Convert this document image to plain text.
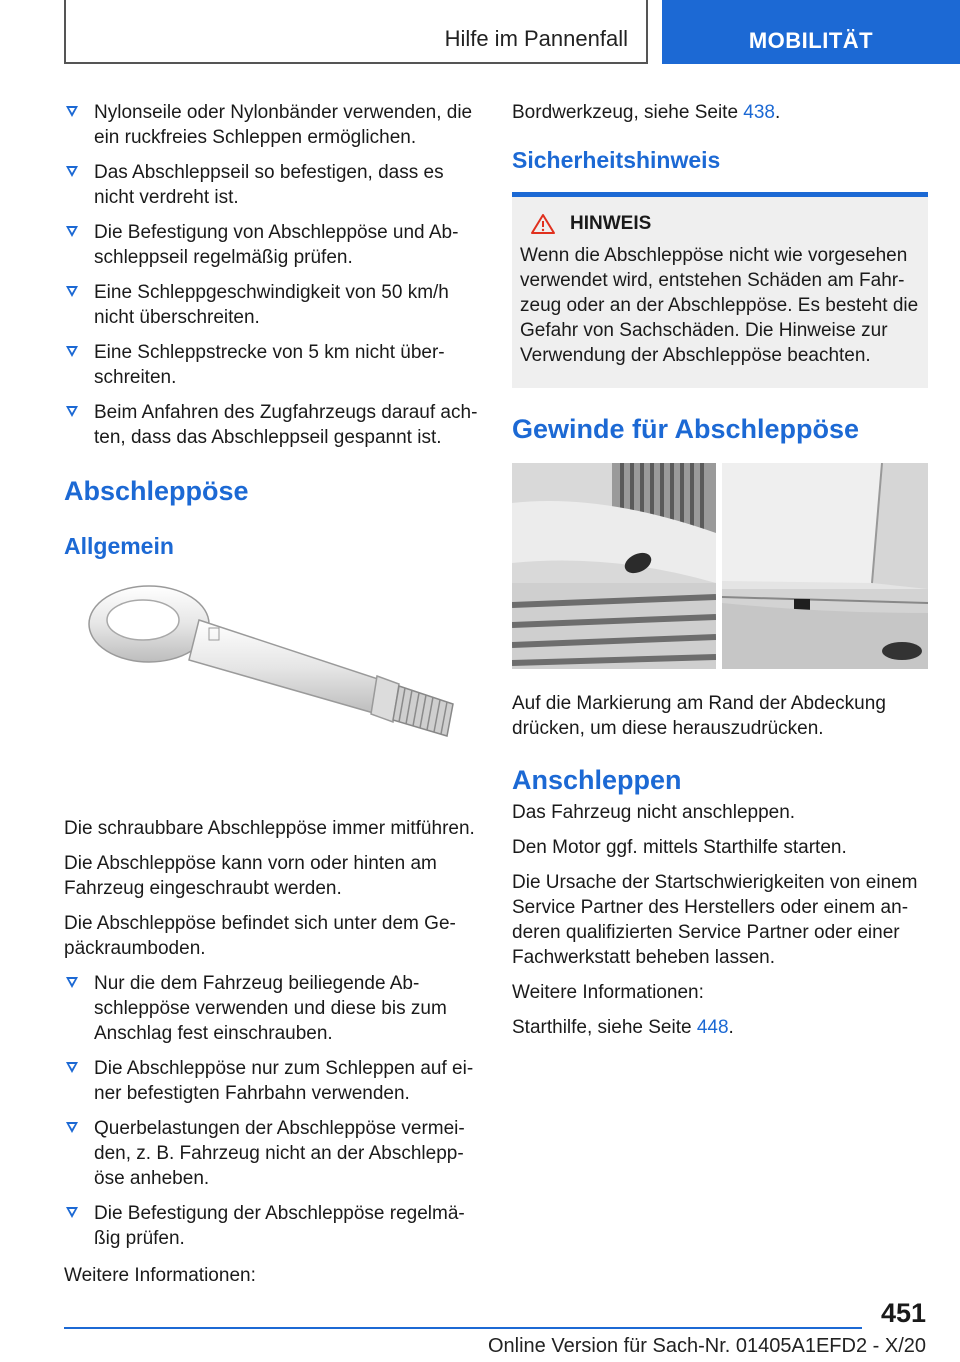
Hilfe im Pannenfall	MOBILITÄT
Nylonseile oder Nylonbänder verwenden, die ein ruckfreies Schleppen ermöglichen.
Das Abschleppseil so befestigen, dass es nicht verdreht ist.
Die Befestigung von Abschleppöse und Abschleppseil regelmäßig prüfen.
Eine Schleppgeschwindigkeit von 50 km/h nicht überschreiten.
Eine Schleppstrecke von 5 km nicht überschreiten.
Beim Anfahren des Zugfahrzeugs darauf achten, dass das Abschleppseil gespannt ist.
Abschleppöse
Allgemein

Die schraubbare Abschleppöse immer mitführen.

Die Abschleppöse kann vorn oder hinten am Fahrzeug eingeschraubt werden.

Die Abschleppöse befindet sich unter dem Gepäckraumboden.

Nur die dem Fahrzeug beiliegende Abschleppöse verwenden und diese bis zum Anschlag fest einschrauben.
Die Abschleppöse nur zum Schleppen auf einer befestigten Fahrbahn verwenden.
Querbelastungen der Abschleppöse vermeiden, z. B. Fahrzeug nicht an der Abschleppöse anheben.
Die Befestigung der Abschleppöse regelmäßig prüfen.

Weitere Informationen:

Bordwerkzeug, siehe Seite 438.

Sicherheitshinweis
HINWEIS

Wenn die Abschleppöse nicht wie vorgesehen verwendet wird, entstehen Schäden am Fahrzeug oder an der Abschleppöse. Es besteht die Gefahr von Sachschäden. Die Hinweise zur Verwendung der Abschleppöse beachten.

Gewinde für Abschleppöse

Auf die Markierung am Rand der Abdeckung drücken, um diese herauszudrücken.

Anschleppen

Das Fahrzeug nicht anschleppen.

Den Motor ggf. mittels Starthilfe starten.

Die Ursache der Startschwierigkeiten von einem Service Partner des Herstellers oder einem anderen qualifizierten Service Partner oder einer Fachwerkstatt beheben lassen.

Weitere Informationen:

Starthilfe, siehe Seite 448.

451
Online Version für Sach-Nr. 01405A1EFD2 - X/20
